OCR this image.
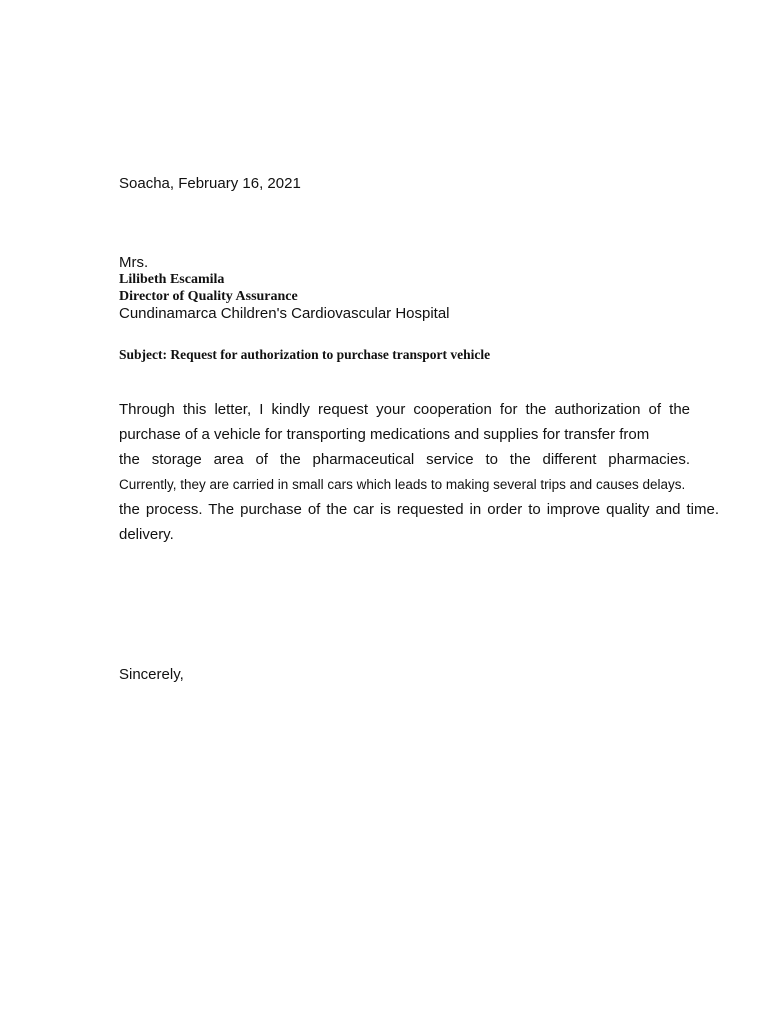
Soacha, February 16, 2021
Mrs.
Lilibeth Escamila
Director of Quality Assurance
Cundinamarca Children's Cardiovascular Hospital
Subject: Request for authorization to purchase transport vehicle
Through this letter, I kindly request your cooperation for the authorization of the
purchase of a vehicle for transporting medications and supplies for transfer from
the storage area of the pharmaceutical service to the different pharmacies.
Currently, they are carried in small cars which leads to making several trips and causes delays.
the process. The purchase of the car is requested in order to improve quality and time.
delivery.
Sincerely,
